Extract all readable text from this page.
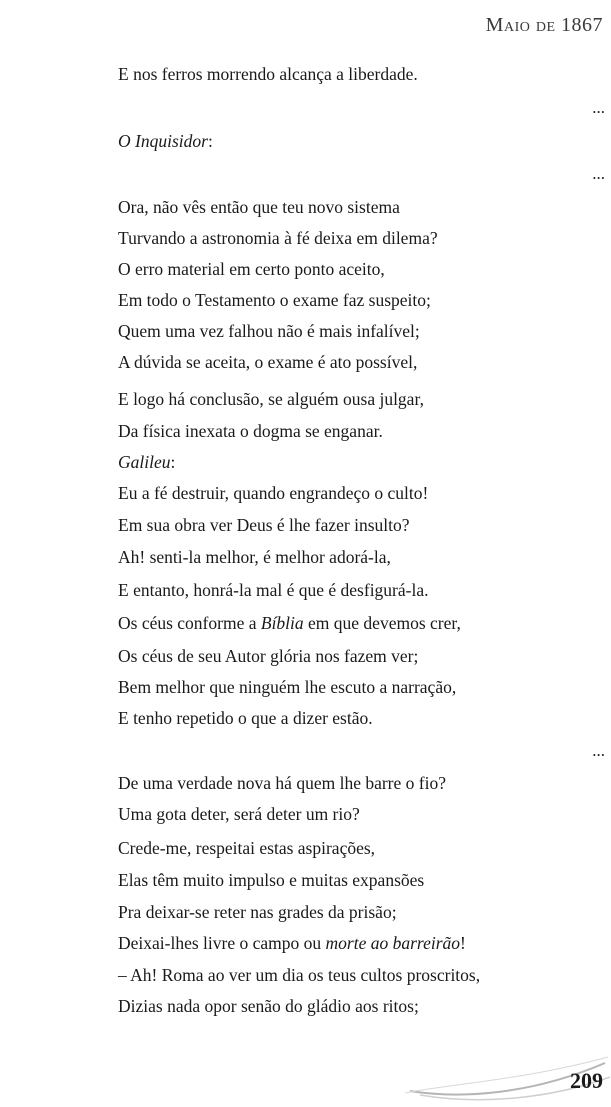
Maio de 1867
E nos ferros morrendo alcança a liberdade.
O Inquisidor:
Ora, não vês então que teu novo sistema
Turvando a astronomia à fé deixa em dilema?
O erro material em certo ponto aceito,
Em todo o Testamento o exame faz suspeito;
Quem uma vez falhou não é mais infalível;
A dúvida se aceita, o exame é ato possível,
E logo há conclusão, se alguém ousa julgar,
Da física inexata o dogma se enganar.
Galileu:
Eu a fé destruir, quando engrandeço o culto!
Em sua obra ver Deus é lhe fazer insulto?
Ah! senti-la melhor, é melhor adorá-la,
E entanto, honrá-la mal é que é desfigurá-la.
Os céus conforme a Bíblia em que devemos crer,
Os céus de seu Autor glória nos fazem ver;
Bem melhor que ninguém lhe escuto a narração,
E tenho repetido o que a dizer estão.
De uma verdade nova há quem lhe barre o fio?
Uma gota deter, será deter um rio?
Crede-me, respeitai estas aspirações,
Elas têm muito impulso e muitas expansões
Pra deixar-se reter nas grades da prisão;
Deixai-lhes livre o campo ou morte ao barreirão!
– Ah! Roma ao ver um dia os teus cultos proscritos,
Dizias nada opor senão do gládio aos ritos;
...
...
...
209
